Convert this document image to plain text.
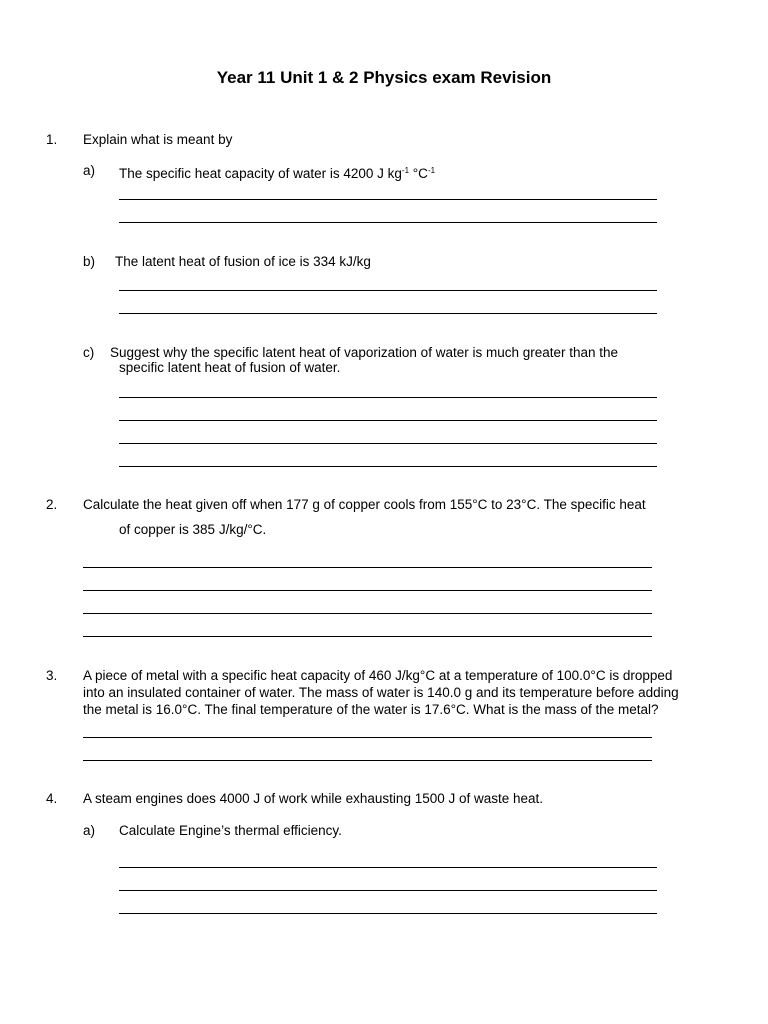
Year 11 Unit 1 & 2 Physics exam Revision
1. Explain what is meant by
a) The specific heat capacity of water is 4200 J $kg^{-1}$ $^\circ C^{-1}$
b) The latent heat of fusion of ice is 334 kJ/kg
c) Suggest why the specific latent heat of vaporization of water is much greater than the
specific latent heat of fusion of water.
2. Calculate the heat given off when 177 g of copper cools from 155°C to 23°C. The specific heat
of copper is 385 J/kg/°C.
3. A piece of metal with a specific heat capacity of 460 J/kg°C at a temperature of 100.0°C is dropped
into an insulated container of water. The mass of water is 140.0 g and its temperature before adding
the metal is 16.0°C. The final temperature of the water is 17.6°C. What is the mass of the metal?
4. A steam engines does 4000 J of work while exhausting 1500 J of waste heat.
a) Calculate Engine’s thermal efficiency.
